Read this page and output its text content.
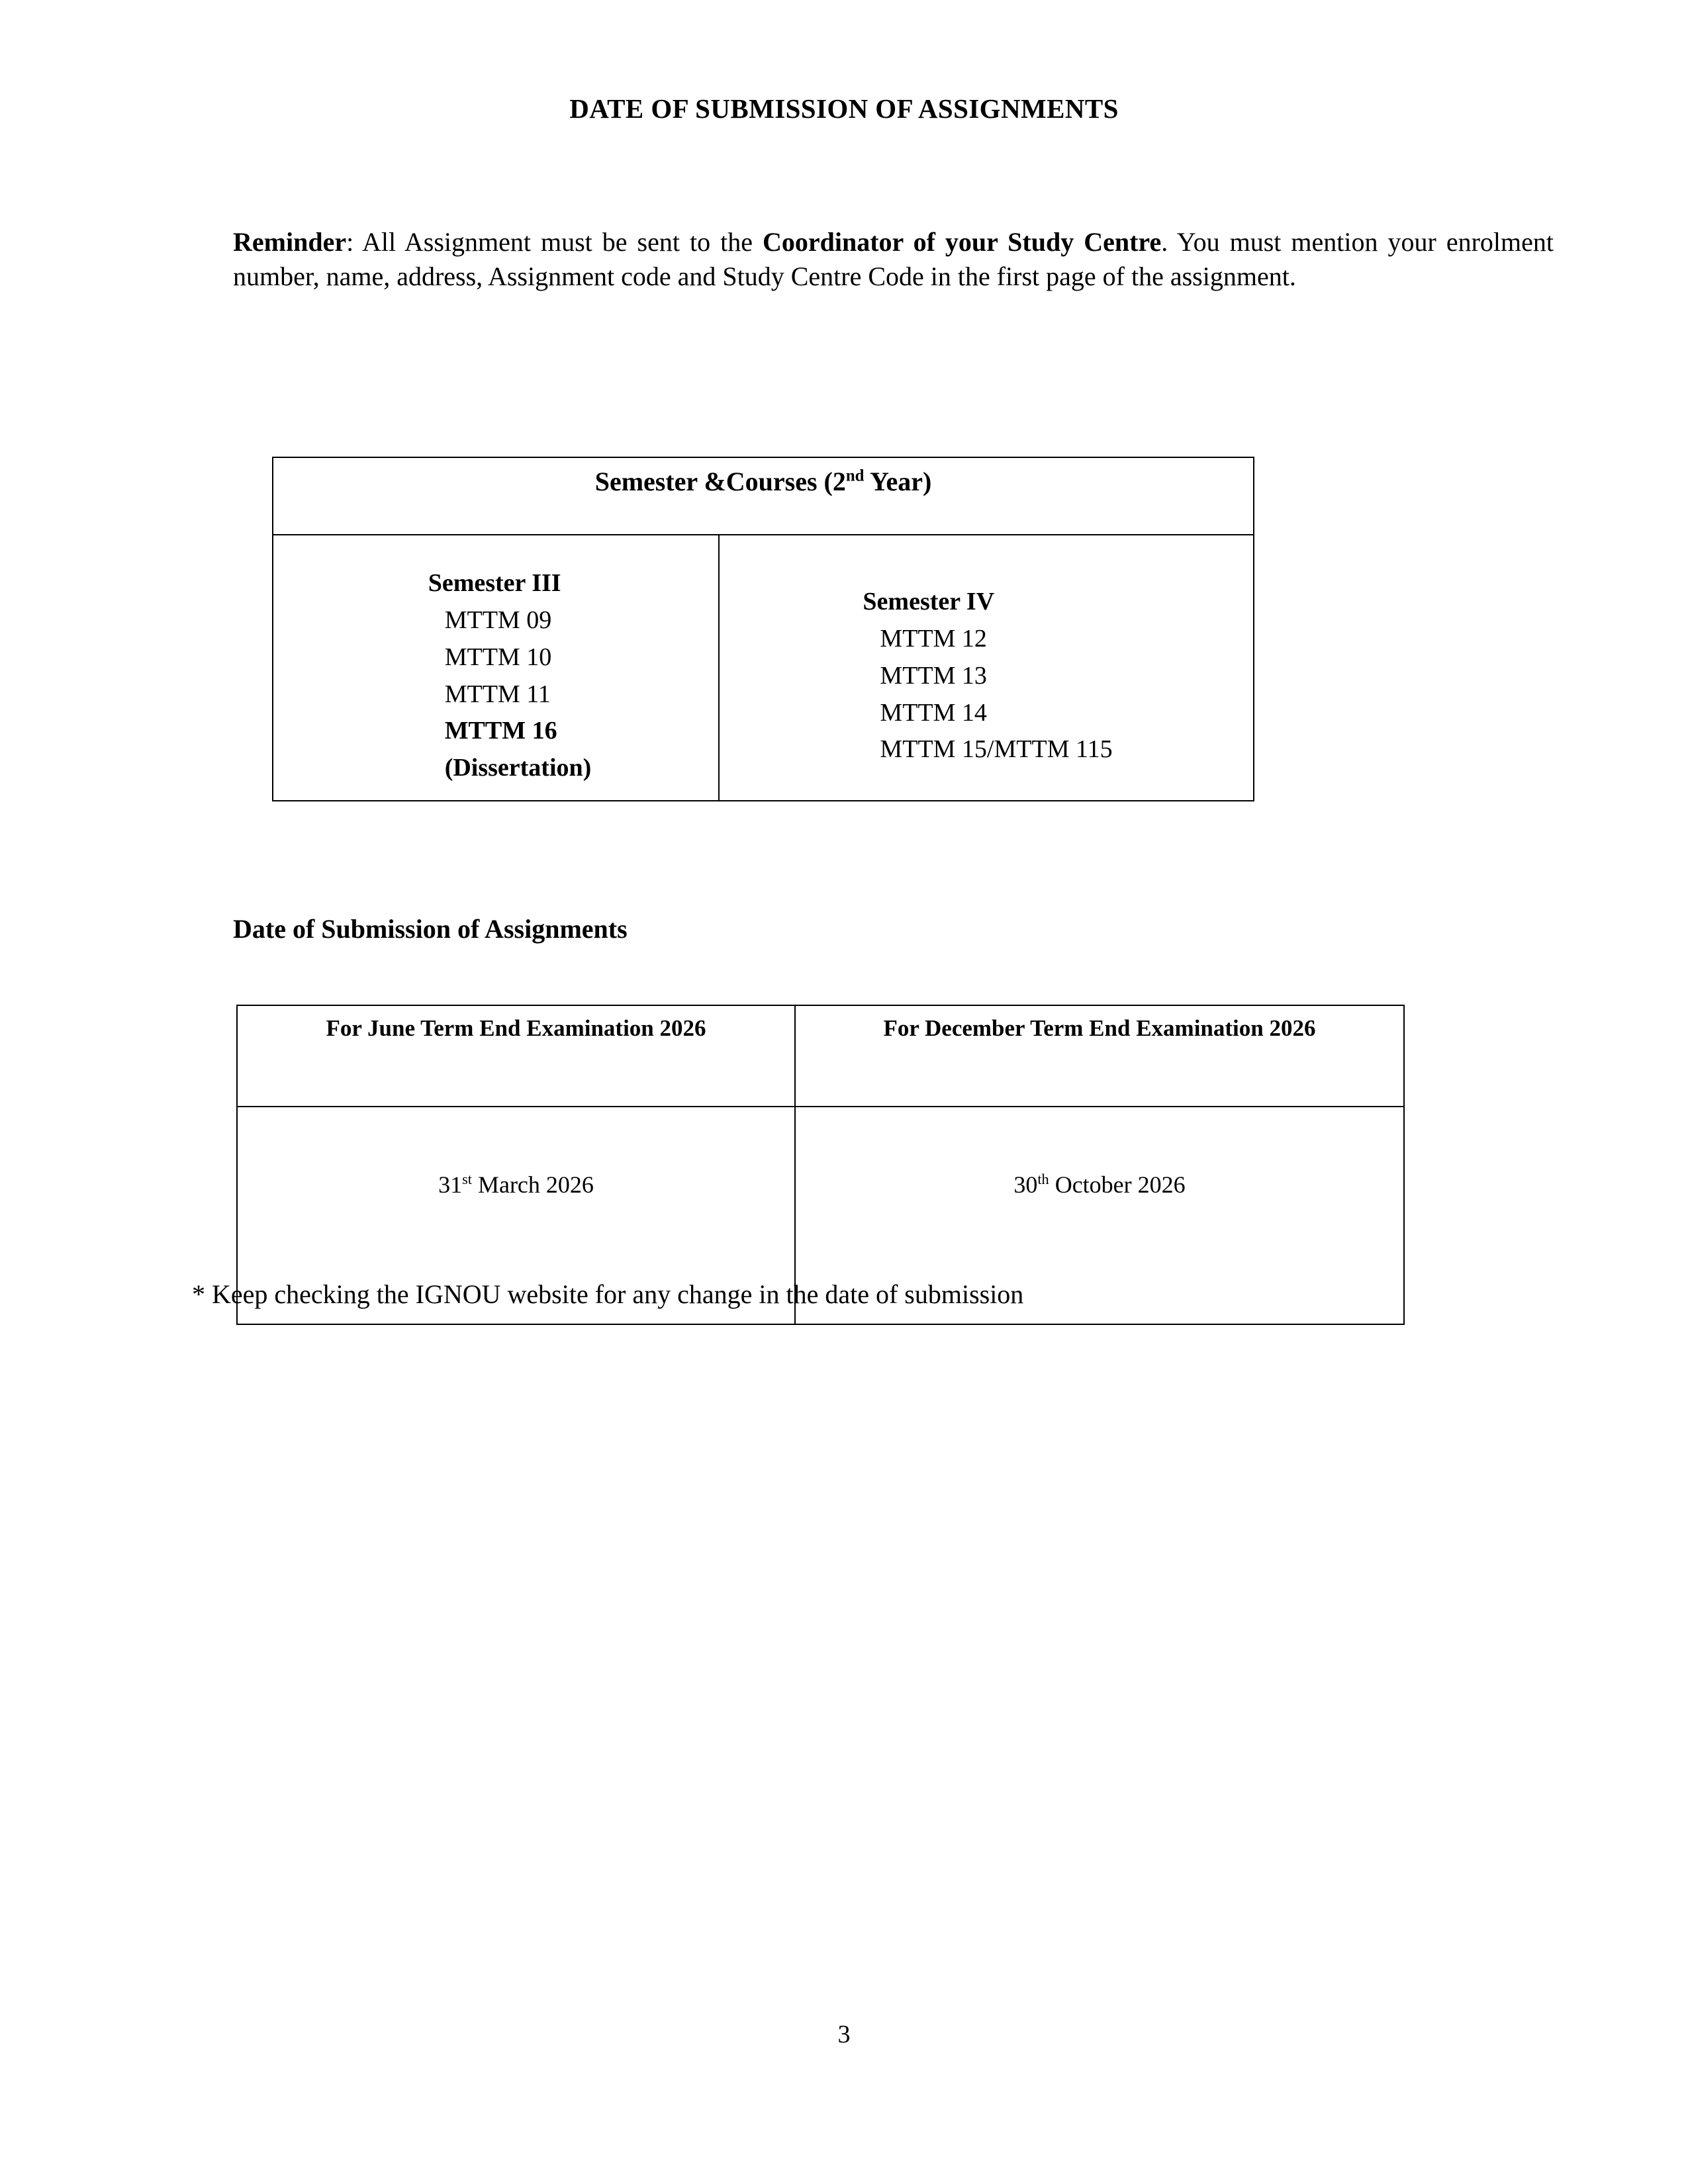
DATE OF SUBMISSION OF ASSIGNMENTS

Reminder: All Assignment must be sent to the Coordinator of your Study Centre. You must mention your enrolment number, name, address, Assignment code and Study Centre Code in the first page of the assignment.

Semester &Courses (2nd Year)

Semester III
MTTM 09
MTTM 10
MTTM 11
MTTM 16
(Dissertation)

Semester IV
MTTM 12
MTTM 13
MTTM 14
MTTM 15/MTTM 115
Date of Submission of Assignments
For June Term End Examination 2026	For December Term End Examination 2026
31st March 2026	30th October 2026
* Keep checking the IGNOU website for any change in the date of submission
3
